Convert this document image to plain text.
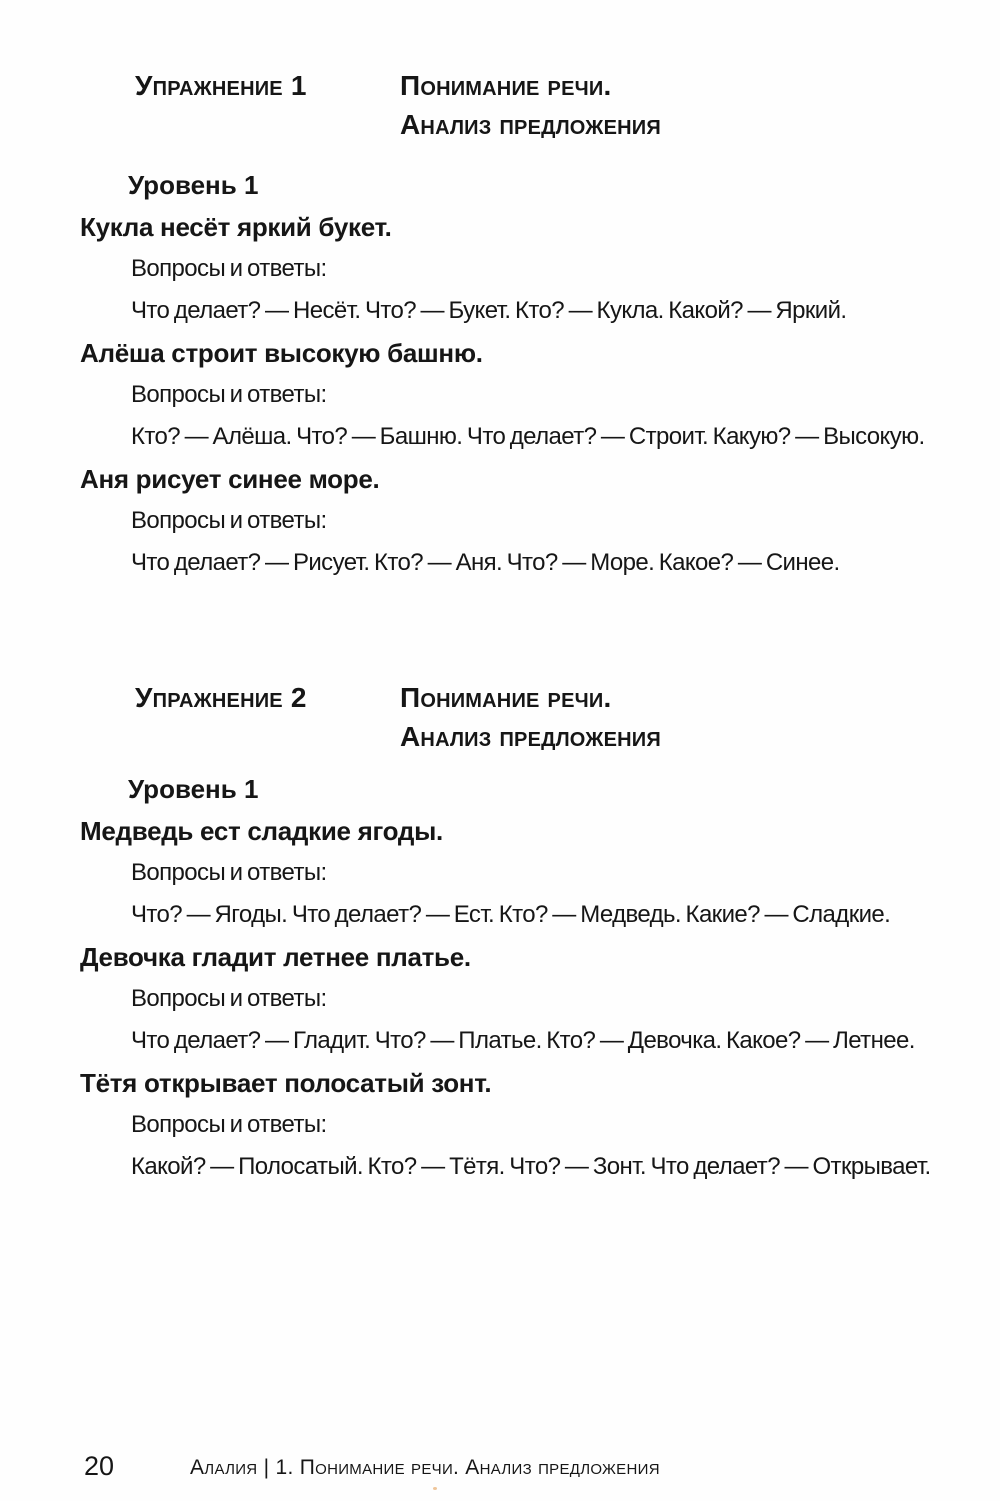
Упражнение 1	Понимание речи.
Анализ предложения
Уровень 1
Кукла несёт яркий букет.
Вопросы и ответы:
Что делает? — Несёт. Что? — Букет. Кто? — Кукла. Какой? — Яркий.
Алёша строит высокую башню.
Вопросы и ответы:
Кто? — Алёша. Что? — Башню. Что делает? — Строит. Какую? — Высокую.
Аня рисует синее море.
Вопросы и ответы:
Что делает? — Рисует. Кто? — Аня. Что? — Море. Какое? — Синее.
Упражнение 2	Понимание речи.
Анализ предложения
Уровень 1
Медведь ест сладкие ягоды.
Вопросы и ответы:
Что? — Ягоды. Что делает? — Ест. Кто? — Медведь. Какие? — Сладкие.
Девочка гладит летнее платье.
Вопросы и ответы:
Что делает? — Гладит. Что? — Платье. Кто? — Девочка. Какое? — Летнее.
Тётя открывает полосатый зонт.
Вопросы и ответы:
Какой? — Полосатый. Кто? — Тётя. Что? — Зонт. Что делает? — Открывает.
20	Алалия | 1. Понимание речи. Анализ предложения
